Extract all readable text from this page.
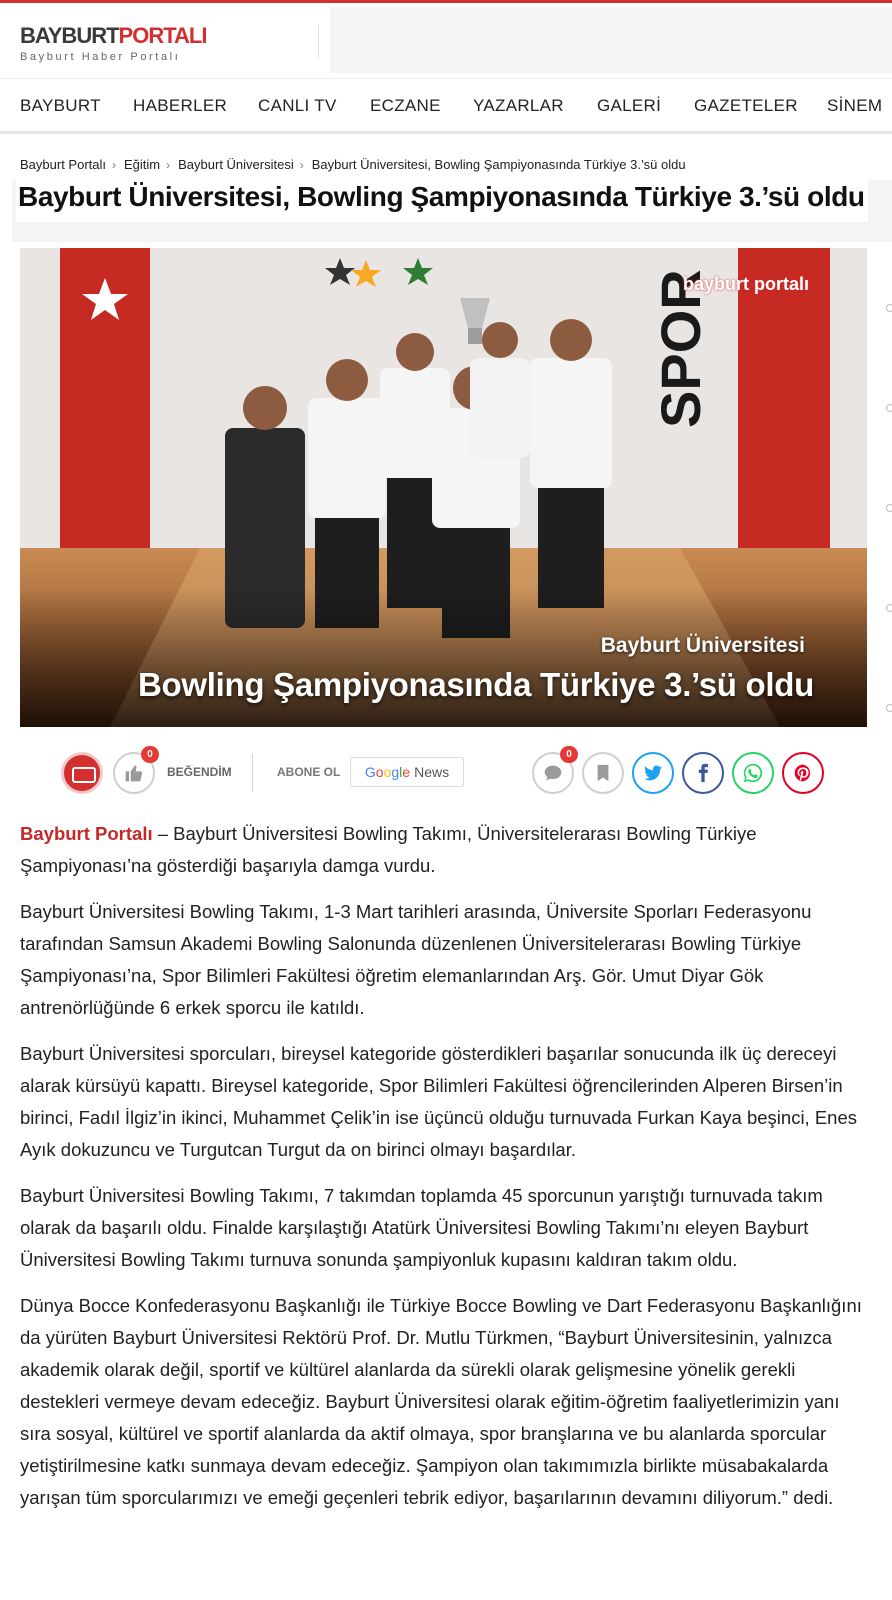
BAYBURTPORTALI
Bayburt Haber Portalı
BAYBURT HABERLER CANLI TV ECZANE YAZARLAR GALERİ GAZETELER SİNEM
Bayburt Portalı › Eğitim › Bayburt Üniversitesi › Bayburt Üniversitesi, Bowling Şampiyonasında Türkiye 3.’sü oldu
Bayburt Üniversitesi, Bowling Şampiyonasında Türkiye 3.’sü oldu
SPOR
bayburt portalı
Bayburt Üniversitesi
Bowling Şampiyonasında Türkiye 3.’sü oldu
0
BEĞENDİM	ABONE OL Google News
0

Bayburt Portalı – Bayburt Üniversitesi Bowling Takımı, Üniversitelerarası Bowling Türkiye Şampiyonası’na gösterdiği başarıyla damga vurdu.

Bayburt Üniversitesi Bowling Takımı, 1-3 Mart tarihleri arasında, Üniversite Sporları Federasyonu tarafından Samsun Akademi Bowling Salonunda düzenlenen Üniversitelerarası Bowling Türkiye Şampiyonası’na, Spor Bilimleri Fakültesi öğretim elemanlarından Arş. Gör. Umut Diyar Gök antrenörlüğünde 6 erkek sporcu ile katıldı.

Bayburt Üniversitesi sporcuları, bireysel kategoride gösterdikleri başarılar sonucunda ilk üç dereceyi alarak kürsüyü kapattı. Bireysel kategoride, Spor Bilimleri Fakültesi öğrencilerinden Alperen Birsen’in birinci, Fadıl İlgiz’in ikinci, Muhammet Çelik’in ise üçüncü olduğu turnuvada Furkan Kaya beşinci, Enes Ayık dokuzuncu ve Turgutcan Turgut da on birinci olmayı başardılar.

Bayburt Üniversitesi Bowling Takımı, 7 takımdan toplamda 45 sporcunun yarıştığı turnuvada takım olarak da başarılı oldu. Finalde karşılaştığı Atatürk Üniversitesi Bowling Takımı’nı eleyen Bayburt Üniversitesi Bowling Takımı turnuva sonunda şampiyonluk kupasını kaldıran takım oldu.

Dünya Bocce Konfederasyonu Başkanlığı ile Türkiye Bocce Bowling ve Dart Federasyonu Başkanlığını da yürüten Bayburt Üniversitesi Rektörü Prof. Dr. Mutlu Türkmen, “Bayburt Üniversitesinin, yalnızca akademik olarak değil, sportif ve kültürel alanlarda da sürekli olarak gelişmesine yönelik gerekli destekleri vermeye devam edeceğiz. Bayburt Üniversitesi olarak eğitim-öğretim faaliyetlerimizin yanı sıra sosyal, kültürel ve sportif alanlarda da aktif olmaya, spor branşlarına ve bu alanlarda sporcular yetiştirilmesine katkı sunmaya devam edeceğiz. Şampiyon olan takımımızla birlikte müsabakalarda yarışan tüm sporcularımızı ve emeği geçenleri tebrik ediyor, başarılarının devamını diliyorum.” dedi.
